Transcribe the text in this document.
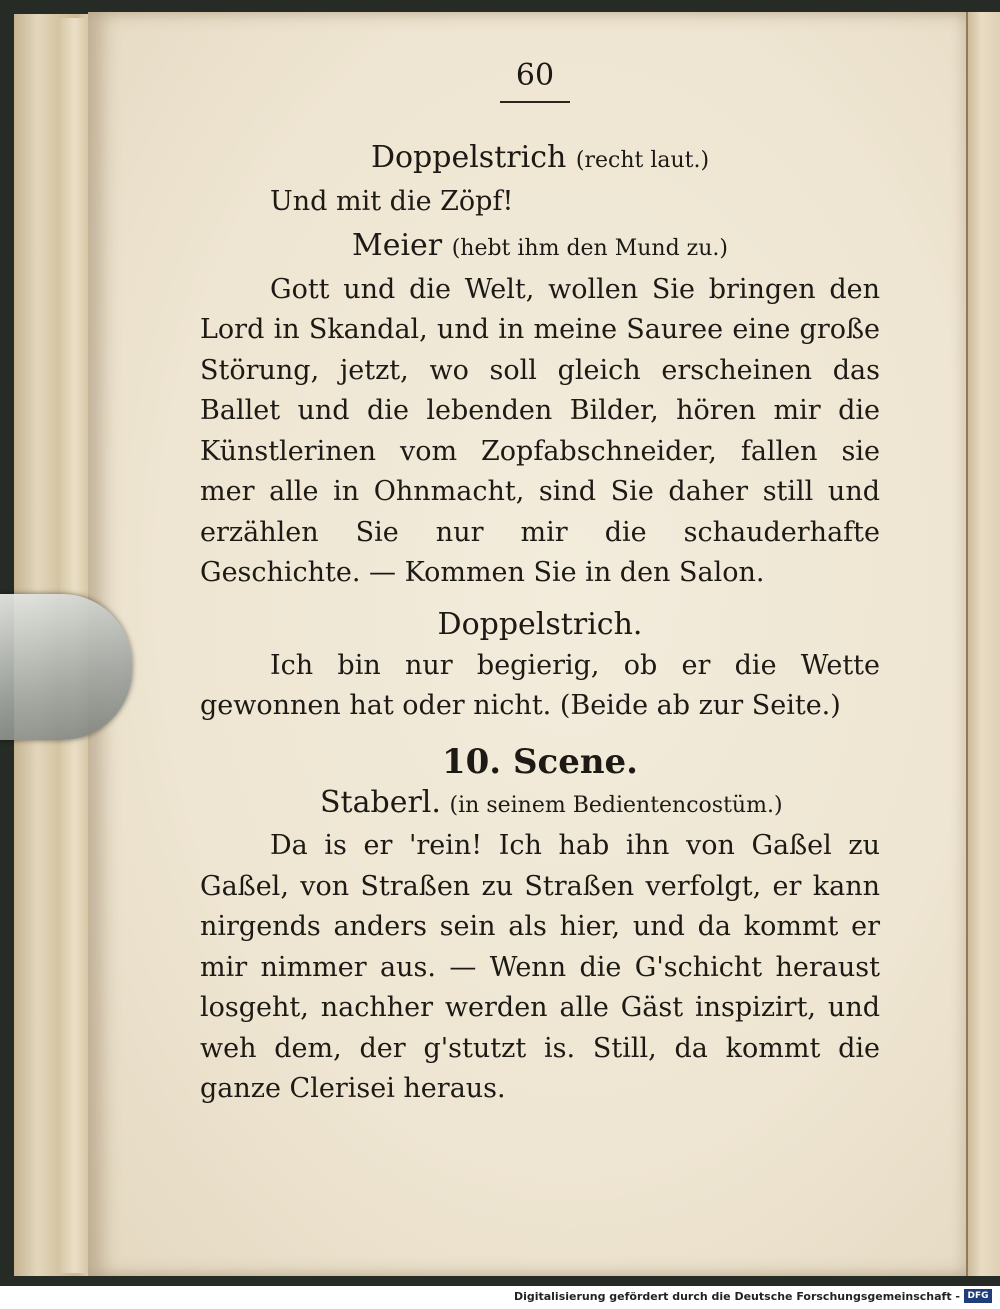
60
Doppelstrich (recht laut.)

Und mit die Zöpf!

Meier (hebt ihm den Mund zu.)

Gott und die Welt, wollen Sie bringen den Lord in Skandal, und in meine Sauree eine große Störung, jetzt, wo soll gleich erscheinen das Ballet und die lebenden Bilder, hören mir die Künstlerinen vom Zopfabschneider, fallen sie mer alle in Ohnmacht, sind Sie daher still und erzählen Sie nur mir die schauderhafte Geschichte. — Kommen Sie in den Salon.

Doppelstrich.

Ich bin nur begierig, ob er die Wette gewonnen hat oder nicht. (Beide ab zur Seite.)

10. Scene.
Staberl. (in seinem Bedientencostüm.)

Da is er 'rein! Ich hab ihn von Gaßel zu Gaßel, von Straßen zu Straßen verfolgt, er kann nirgends anders sein als hier, und da kommt er mir nimmer aus. — Wenn die G'schicht heraust losgeht, nachher werden alle Gäst inspizirt, und weh dem, der g'stutzt is. Still, da kommt die ganze Clerisei heraus.

Digitalisierung gefördert durch die Deutsche Forschungsgemeinschaft - DFG
